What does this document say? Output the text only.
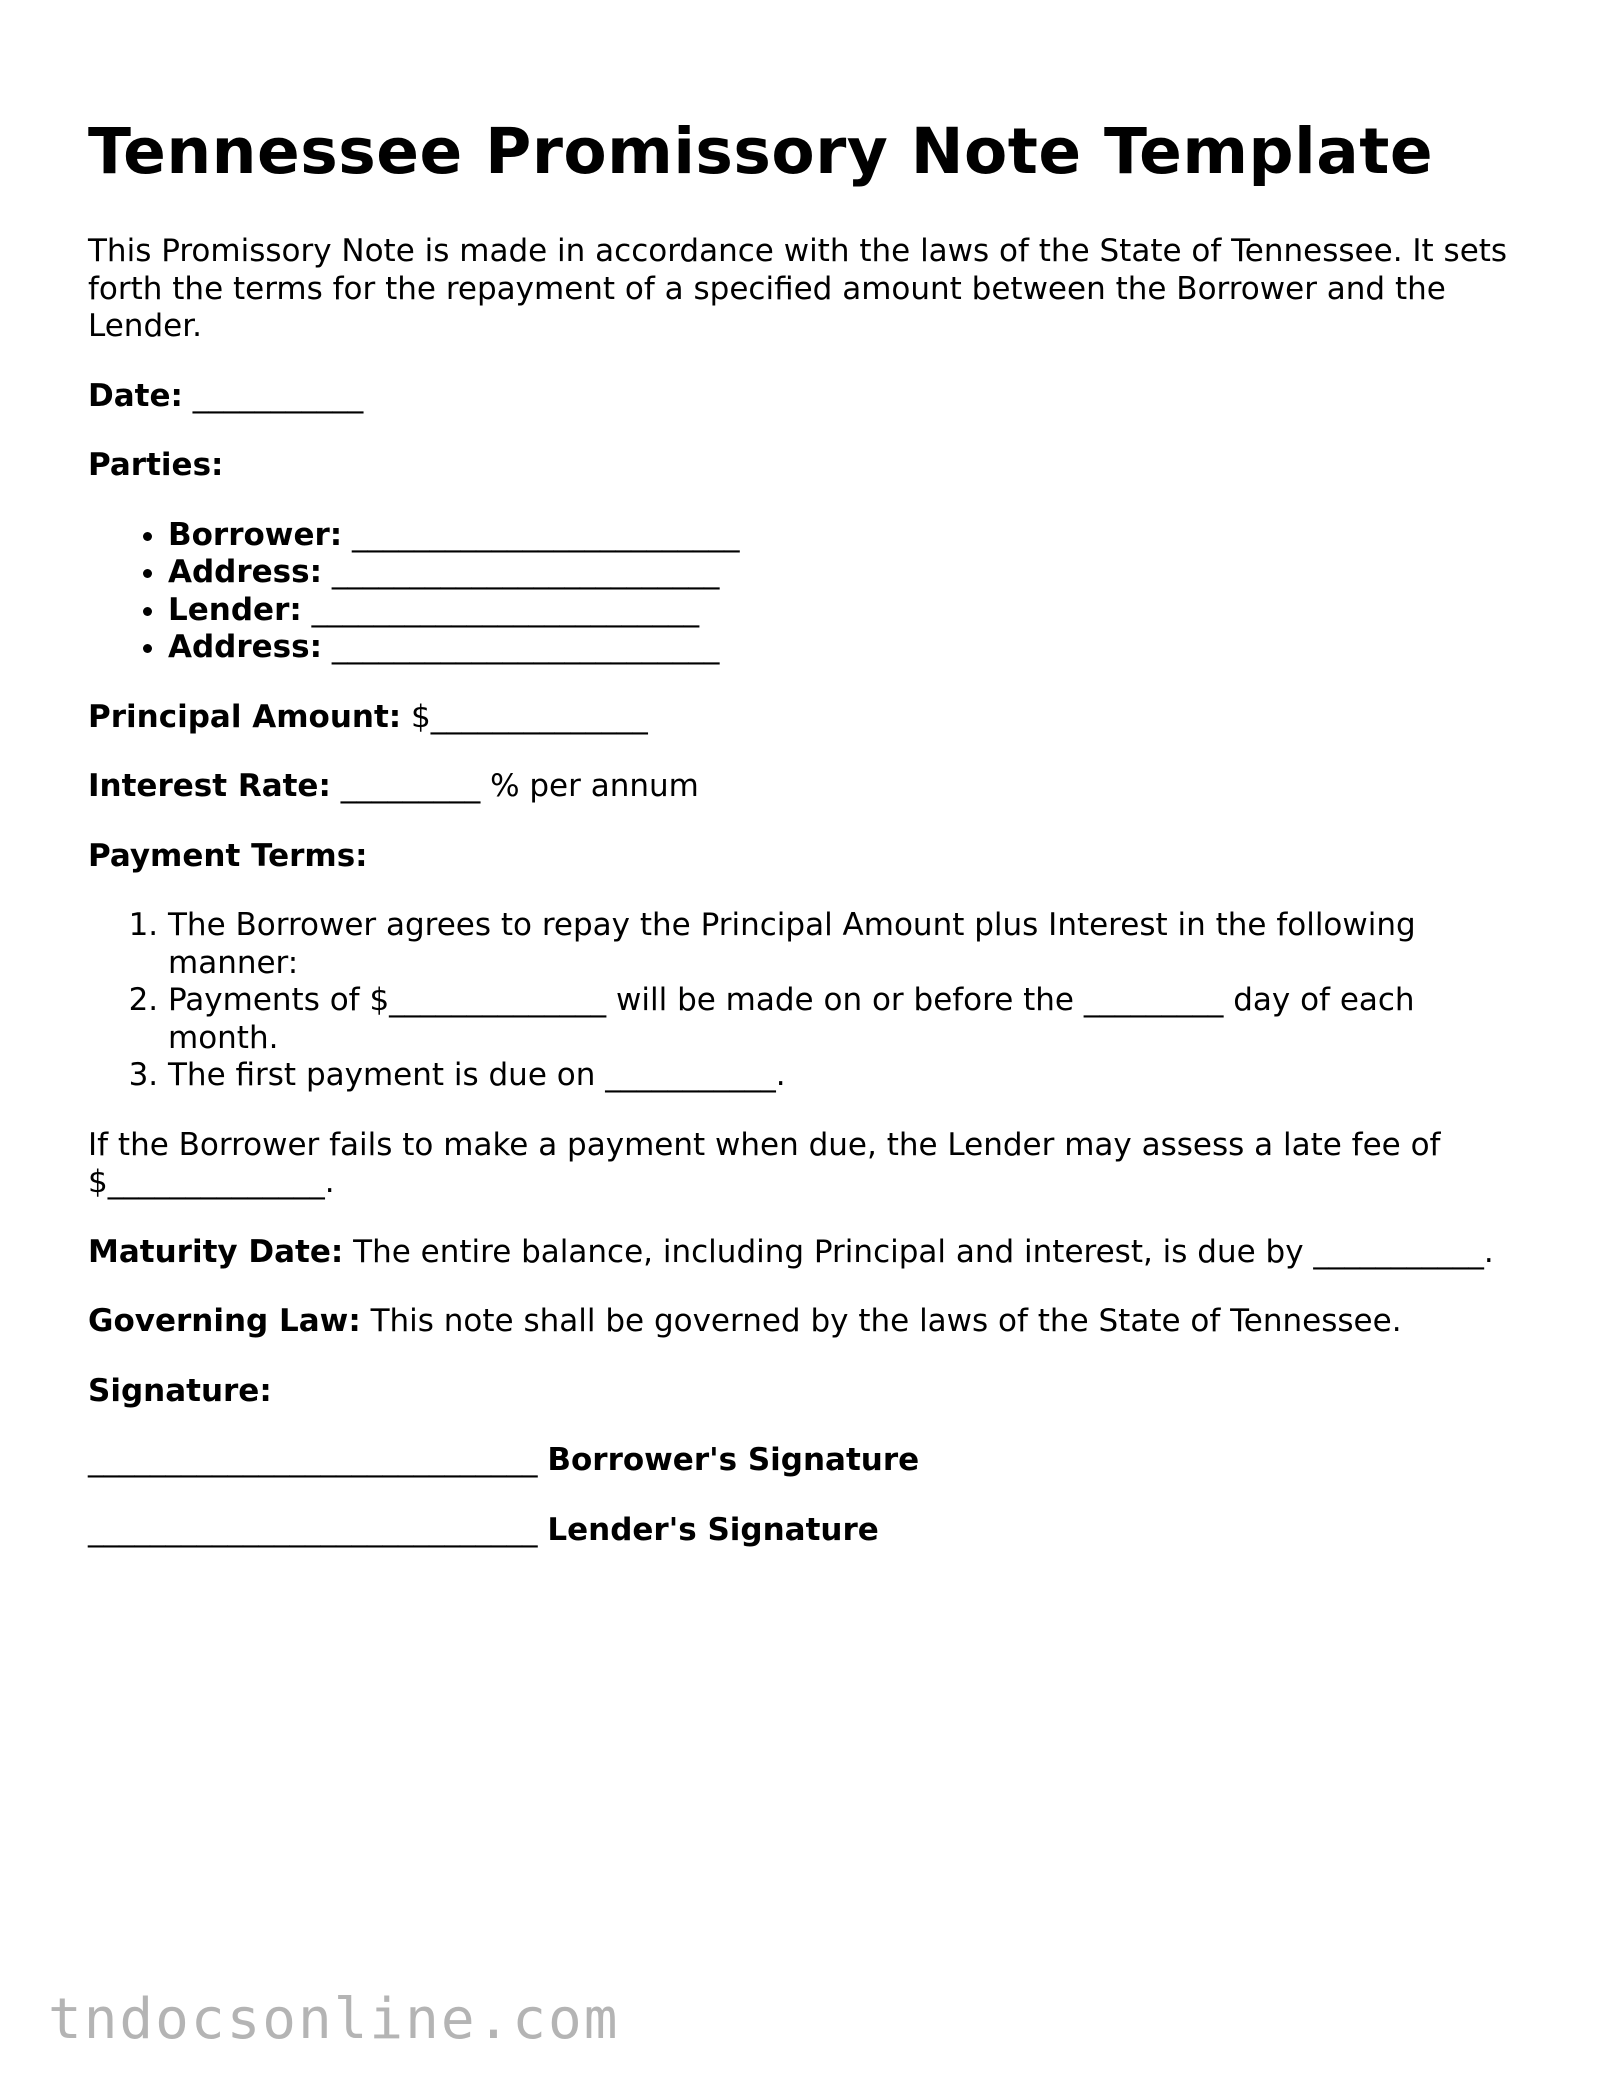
Tennessee Promissory Note Template

This Promissory Note is made in accordance with the laws of the State of Tennessee. It sets forth the terms for the repayment of a specified amount between the Borrower and the Lender.

Date: ___________

Parties:

• Borrower: _________________________
• Address: _________________________
• Lender: _________________________
• Address: _________________________

Principal Amount: $______________

Interest Rate: _________ % per annum

Payment Terms:

1. The Borrower agrees to repay the Principal Amount plus Interest in the following manner:
2. Payments of $______________ will be made on or before the _________ day of each month.
3. The first payment is due on ___________.

If the Borrower fails to make a payment when due, the Lender may assess a late fee of $______________.

Maturity Date: The entire balance, including Principal and interest, is due by ___________.

Governing Law: This note shall be governed by the laws of the State of Tennessee.

Signature:

_____________________________ Borrower's Signature

_____________________________ Lender's Signature

tndocsonline.com
